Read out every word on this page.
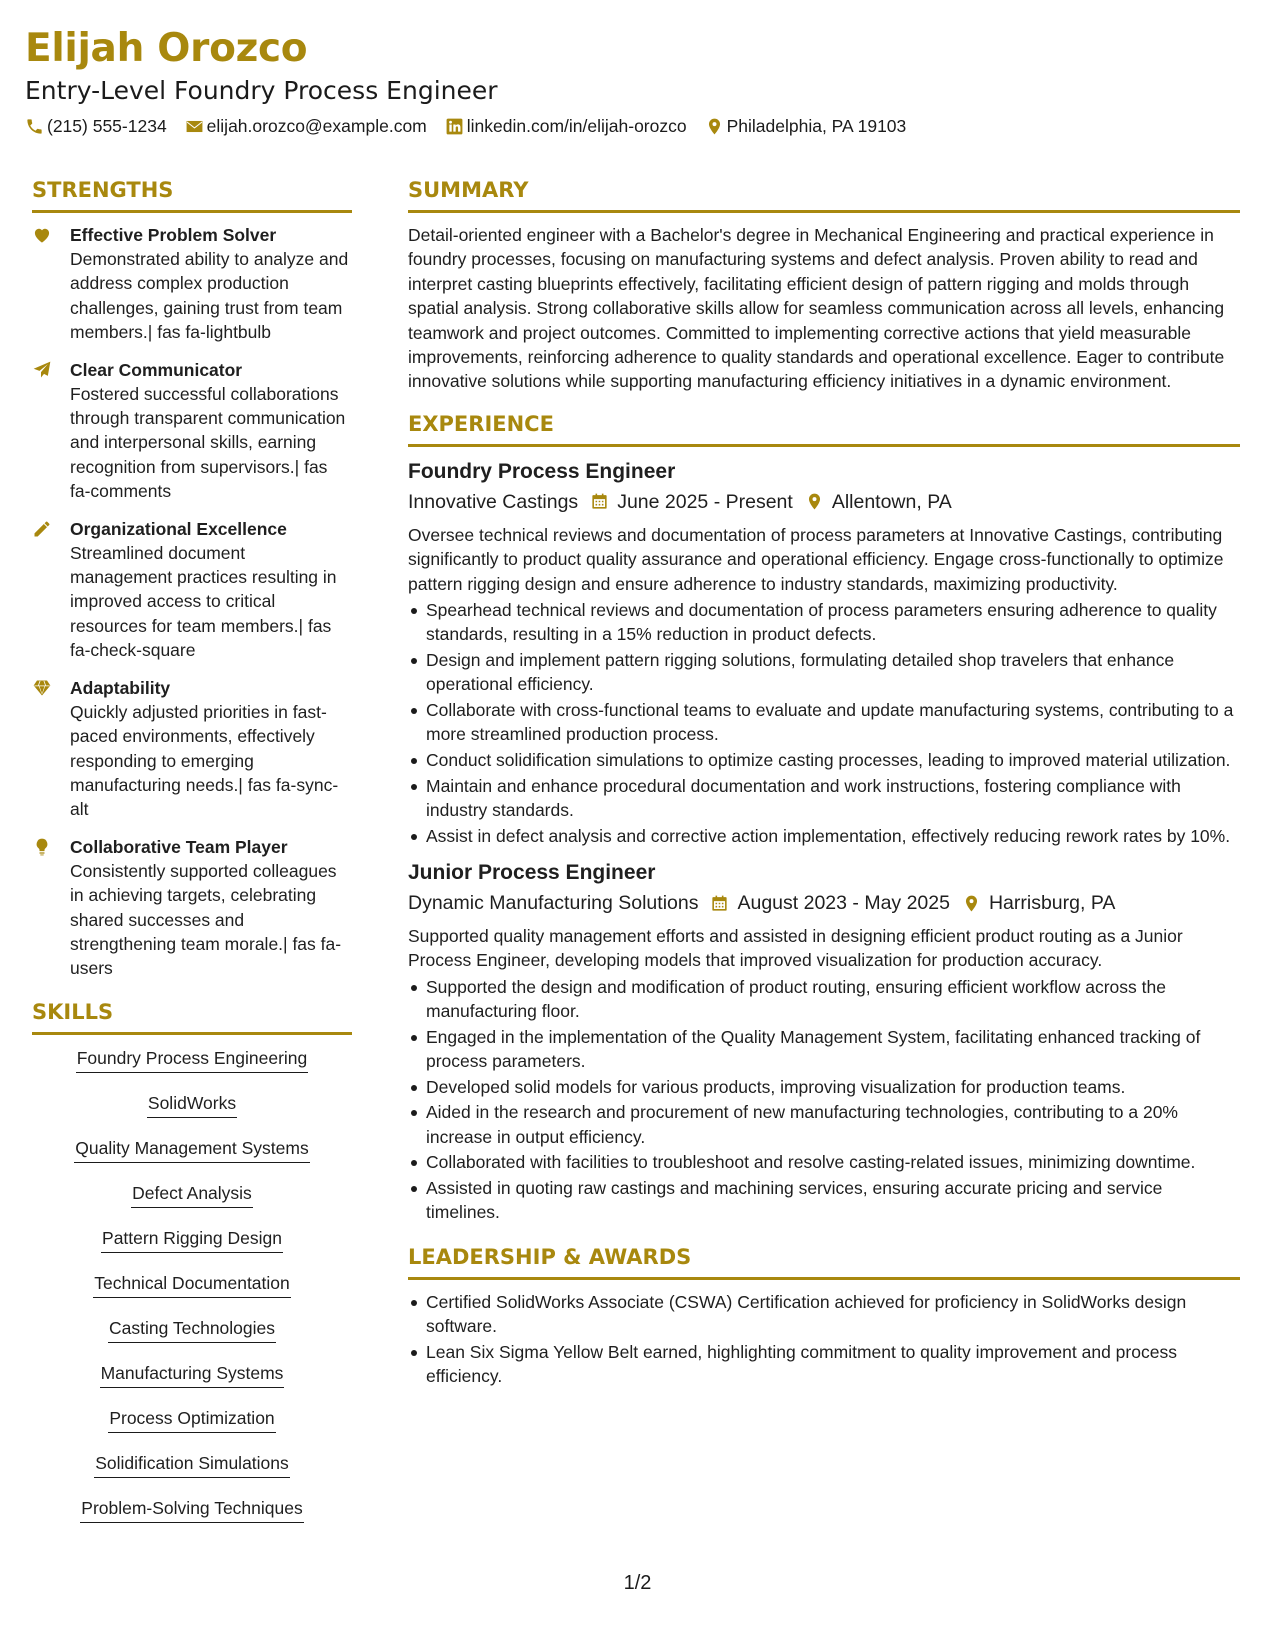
Elijah Orozco
Entry-Level Foundry Process Engineer
(215) 555-1234 elijah.orozco@example.com linkedin.com/in/elijah-orozco Philadelphia, PA 19103
STRENGTHS
Effective Problem Solver
Demonstrated ability to analyze and address complex production challenges, gaining trust from team members.| fas fa-lightbulb
Clear Communicator
Fostered successful collaborations through transparent communication and interpersonal skills, earning recognition from supervisors.| fas fa-comments
Organizational Excellence
Streamlined document management practices resulting in improved access to critical resources for team members.| fas fa-check-square
Adaptability
Quickly adjusted priorities in fast-paced environments, effectively responding to emerging manufacturing needs.| fas fa-sync-alt
Collaborative Team Player
Consistently supported colleagues in achieving targets, celebrating shared successes and strengthening team morale.| fas fa-users
SKILLS
Foundry Process Engineering
SolidWorks
Quality Management Systems
Defect Analysis
Pattern Rigging Design
Technical Documentation
Casting Technologies
Manufacturing Systems
Process Optimization
Solidification Simulations
Problem-Solving Techniques
SUMMARY
Detail-oriented engineer with a Bachelor's degree in Mechanical Engineering and practical experience in foundry processes, focusing on manufacturing systems and defect analysis. Proven ability to read and interpret casting blueprints effectively, facilitating efficient design of pattern rigging and molds through spatial analysis. Strong collaborative skills allow for seamless communication across all levels, enhancing teamwork and project outcomes. Committed to implementing corrective actions that yield measurable improvements, reinforcing adherence to quality standards and operational excellence. Eager to contribute innovative solutions while supporting manufacturing efficiency initiatives in a dynamic environment.
EXPERIENCE
Foundry Process Engineer
Innovative Castings June 2025 - Present Allentown, PA
Oversee technical reviews and documentation of process parameters at Innovative Castings, contributing significantly to product quality assurance and operational efficiency. Engage cross-functionally to optimize pattern rigging design and ensure adherence to industry standards, maximizing productivity.
Spearhead technical reviews and documentation of process parameters ensuring adherence to quality standards, resulting in a 15% reduction in product defects.
Design and implement pattern rigging solutions, formulating detailed shop travelers that enhance operational efficiency.
Collaborate with cross-functional teams to evaluate and update manufacturing systems, contributing to a more streamlined production process.
Conduct solidification simulations to optimize casting processes, leading to improved material utilization.
Maintain and enhance procedural documentation and work instructions, fostering compliance with industry standards.
Assist in defect analysis and corrective action implementation, effectively reducing rework rates by 10%.
Junior Process Engineer
Dynamic Manufacturing Solutions August 2023 - May 2025 Harrisburg, PA
Supported quality management efforts and assisted in designing efficient product routing as a Junior Process Engineer, developing models that improved visualization for production accuracy.
Supported the design and modification of product routing, ensuring efficient workflow across the manufacturing floor.
Engaged in the implementation of the Quality Management System, facilitating enhanced tracking of process parameters.
Developed solid models for various products, improving visualization for production teams.
Aided in the research and procurement of new manufacturing technologies, contributing to a 20% increase in output efficiency.
Collaborated with facilities to troubleshoot and resolve casting-related issues, minimizing downtime.
Assisted in quoting raw castings and machining services, ensuring accurate pricing and service timelines.
LEADERSHIP & AWARDS
Certified SolidWorks Associate (CSWA) Certification achieved for proficiency in SolidWorks design software.
Lean Six Sigma Yellow Belt earned, highlighting commitment to quality improvement and process efficiency.
1/2
